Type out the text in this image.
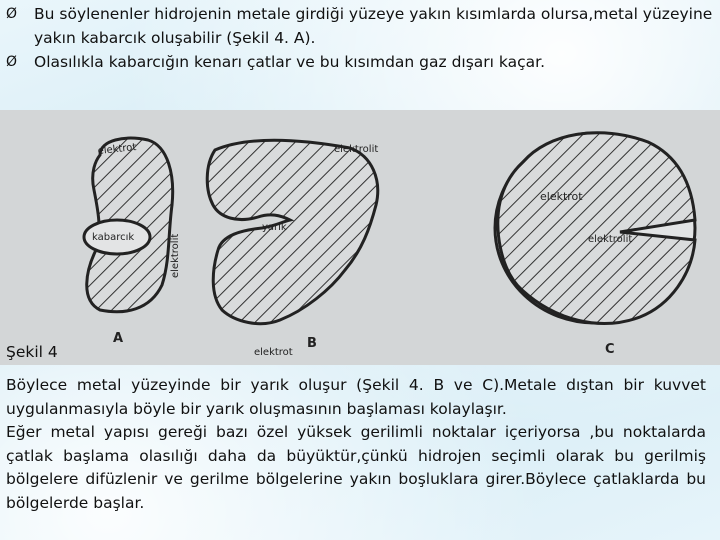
Ø	Bu söylenenler hidrojenin metale girdiği yüzeye yakın kısımlarda olursa,metal yüzeyine yakın kabarcık oluşabilir (Şekil 4. A).
Ø	Olasılıkla kabarcığın kenarı çatlar ve bu kısımdan gaz dışarı kaçar.
elektrot
kabarcık	elektrolit
A
elektrolit
yarık
elektrot
B
elektrot
elektrolit
C
Şekil 4

Böylece metal yüzeyinde bir yarık oluşur (Şekil 4. B ve C).Metale dıştan bir kuvvet uygulanmasıyla böyle bir yarık oluşmasının başlaması kolaylaşır.

Eğer metal yapısı gereği bazı özel yüksek gerilimli noktalar içeriyorsa ,bu noktalarda çatlak başlama olasılığı daha da büyüktür,çünkü hidrojen seçimli olarak bu gerilmiş bölgelere difüzlenir ve gerilme bölgelerine yakın boşluklara girer.Böylece çatlaklarda bu bölgelerde başlar.
